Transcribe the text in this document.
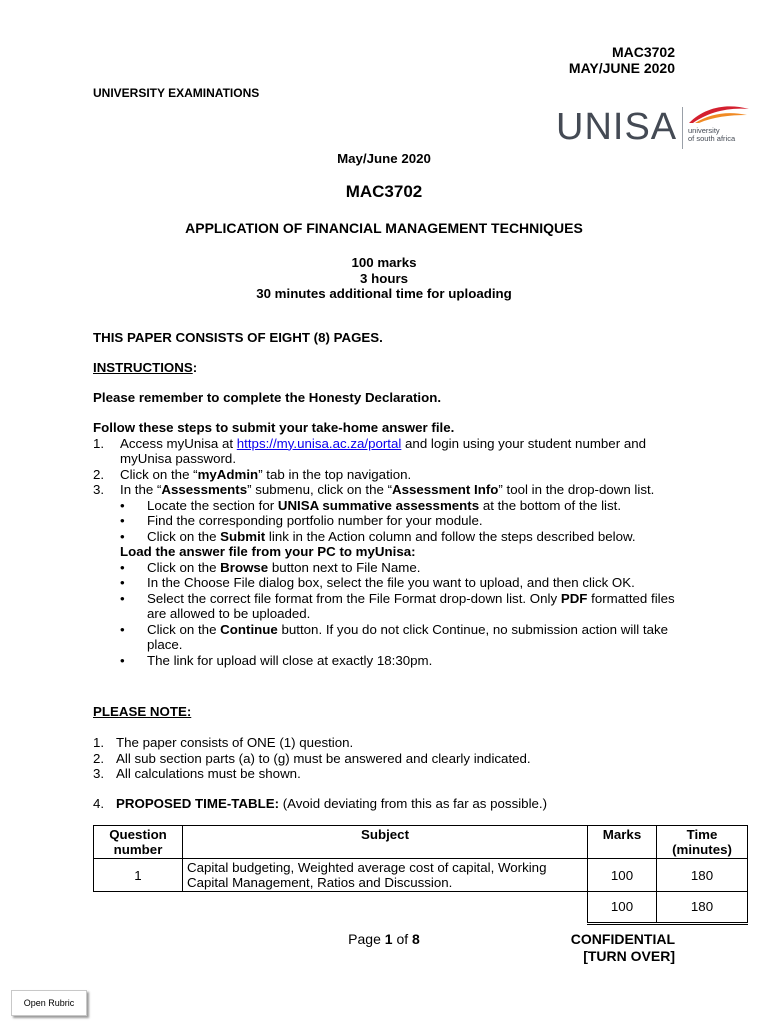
MAC3702
MAY/JUNE 2020
UNIVERSITY EXAMINATIONS
UNISA university
of south africa
May/June 2020
MAC3702
APPLICATION OF FINANCIAL MANAGEMENT TECHNIQUES
100 marks
3 hours
30 minutes additional time for uploading
THIS PAPER CONSISTS OF EIGHT (8) PAGES.
INSTRUCTIONS:
Please remember to complete the Honesty Declaration.
Follow these steps to submit your take-home answer file.
1. Access myUnisa at https://my.unisa.ac.za/portal and login using your student number and myUnisa password.
2. Click on the “myAdmin” tab in the top navigation.
3. In the “Assessments” submenu, click on the “Assessment Info” tool in the drop-down list.
• Locate the section for UNISA summative assessments at the bottom of the list.
• Find the corresponding portfolio number for your module.
• Click on the Submit link in the Action column and follow the steps described below.
Load the answer file from your PC to myUnisa:
• Click on the Browse button next to File Name.
• In the Choose File dialog box, select the file you want to upload, and then click OK.
• Select the correct file format from the File Format drop-down list. Only PDF formatted files are allowed to be uploaded.
• Click on the Continue button. If you do not click Continue, no submission action will take place.
• The link for upload will close at exactly 18:30pm.
PLEASE NOTE:
1. The paper consists of ONE (1) question.
2. All sub section parts (a) to (g) must be answered and clearly indicated.
3. All calculations must be shown.
4. PROPOSED TIME-TABLE: (Avoid deviating from this as far as possible.)
Question number	Subject	Marks	Time (minutes)
1	Capital budgeting, Weighted average cost of capital, Working Capital Management, Ratios and Discussion.	100	180
		100	180
Page 1 of 8	CONFIDENTIAL
[TURN OVER]
Open Rubric
